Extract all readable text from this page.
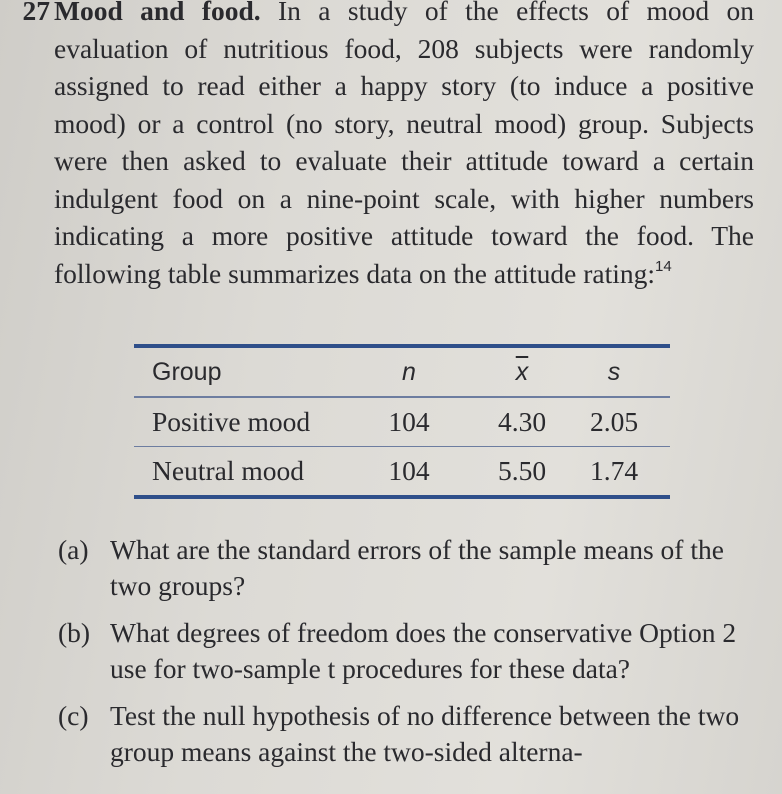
27 Mood and food. In a study of the effects of mood on evaluation of nutritious food, 208 subjects were randomly assigned to read either a happy story (to induce a positive mood) or a control (no story, neutral mood) group. Subjects were then asked to evaluate their attitude toward a certain indulgent food on a nine-point scale, with higher numbers indicating a more positive attitude toward the food. The following table summarizes data on the attitude rating:$^{14}$
Group	n	$\overline{x}$	s
Positive mood	104	4.30	2.05
Neutral mood	104	5.50	1.74
(a) What are the standard errors of the sample means of the two groups?
(b) What degrees of freedom does the conservative Option 2 use for two-sample t procedures for these data?
(c) Test the null hypothesis of no difference between the two group means against the two-sided alterna-
